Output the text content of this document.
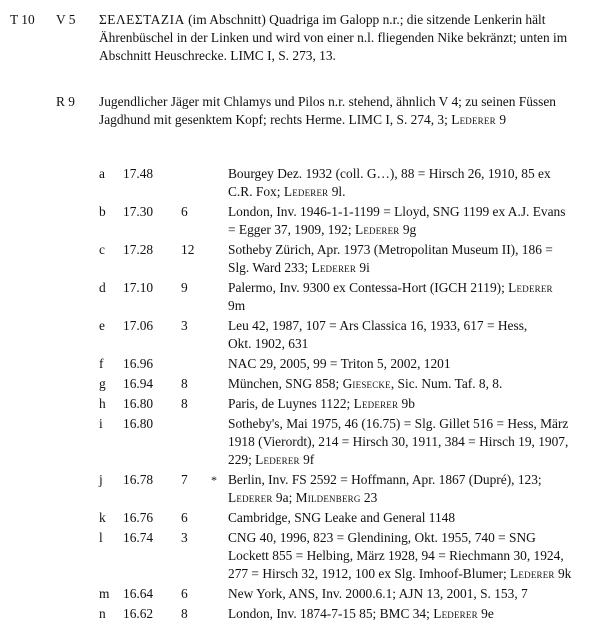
T 10 V 5 ΣΕΛΕΣΤΑΖΙΑ (im Abschnitt) Quadriga im Galopp n.r.; die sitzende Lenkerin hält Ährenbüschel in der Linken und wird von einer n.l. fliegenden Nike bekränzt; unten im Abschnitt Heuschrecke. LIMC I, S. 273, 13.
R 9 Jugendlicher Jäger mit Chlamys und Pilos n.r. stehend, ähnlich V 4; zu seinen Füssen Jagdhund mit gesenktem Kopf; rechts Herme. LIMC I, S. 274, 3; Lederer 9
a 17.48	Bourgey Dez. 1932 (coll. G…), 88 = Hirsch 26, 1910, 85 ex
C.R. Fox; Lederer 9l.
b 17.30 6	London, Inv. 1946-1-1-1199 = Lloyd, SNG 1199 ex A.J. Evans
= Egger 37, 1909, 192; Lederer 9g
c 17.28 12	Sotheby Zürich, Apr. 1973 (Metropolitan Museum II), 186 =
Slg. Ward 233; Lederer 9i
d 17.10 9	Palermo, Inv. 9300 ex Contessa-Hort (IGCH 2119); Lederer
9m
e 17.06 3	Leu 42, 1987, 107 = Ars Classica 16, 1933, 617 = Hess,
Okt. 1902, 631
f 16.96	NAC 29, 2005, 99 = Triton 5, 2002, 1201
g 16.94 8	München, SNG 858; Giesecke, Sic. Num. Taf. 8, 8.
h 16.80 8	Paris, de Luynes 1122; Lederer 9b
i 16.80	Sotheby's, Mai 1975, 46 (16.75) = Slg. Gillet 516 = Hess, März
1918 (Vierordt), 214 = Hirsch 30, 1911, 384 = Hirsch 19, 1907,
229; Lederer 9f
j 16.78 7	* Berlin, Inv. FS 2592 = Hoffmann, Apr. 1867 (Dupré), 123;
Lederer 9a; Mildenberg 23
k 16.76 6	Cambridge, SNG Leake and General 1148
l 16.74 3	CNG 40, 1996, 823 = Glendining, Okt. 1955, 740 = SNG
Lockett 855 = Helbing, März 1928, 94 = Riechmann 30, 1924,
277 = Hirsch 32, 1912, 100 ex Slg. Imhoof-Blumer; Lederer 9k
m 16.64 6	New York, ANS, Inv. 2000.6.1; AJN 13, 2001, S. 153, 7
n 16.62 8	London, Inv. 1874-7-15 85; BMC 34; Lederer 9e
